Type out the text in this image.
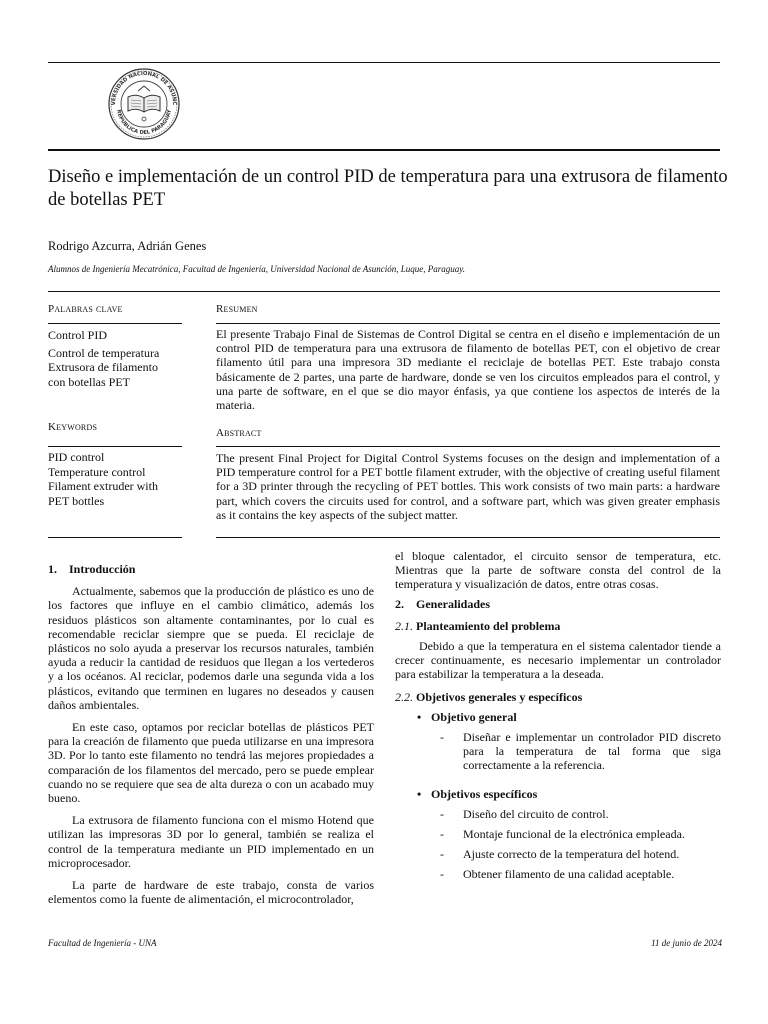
VERSIDAD NACIONAL DE ASUNC
REPÚBLICA DEL PARAGUAY
Diseño e implementación de un control PID de temperatura para una extrusora de filamento de botellas PET
Rodrigo Azcurra, Adrián Genes
Alumnos de Ingeniería Mecatrónica, Facultad de Ingeniería, Universidad Nacional de Asunción, Luque, Paraguay.
Palabras clave
Control PID
Control de temperatura
Extrusora de filamento
con botellas PET
Keywords
PID control
Temperature control
Filament extruder with
PET bottles
Resumen
El presente Trabajo Final de Sistemas de Control Digital se centra en el diseño e implementación de un control PID de temperatura para una extrusora de filamento de botellas PET, con el objetivo de crear filamento útil para una impresora 3D mediante el reciclaje de botellas PET. Este trabajo consta básicamente de 2 partes, una parte de hardware, donde se ven los circuitos empleados para el control, y una parte de software, en el que se dio mayor énfasis, ya que contiene los aspectos de interés de la materia.
Abstract
The present Final Project for Digital Control Systems focuses on the design and implementation of a PID temperature control for a PET bottle filament extruder, with the objective of creating useful filament for a 3D printer through the recycling of PET bottles. This work consists of two main parts: a hardware part, which covers the circuits used for control, and a software part, which was given greater emphasis as it contains the key aspects of the subject matter.
1.    Introducción

Actualmente, sabemos que la producción de plástico es uno de los factores que influye en el cambio climático, además los residuos plásticos son altamente contaminantes, por lo cual es recomendable reciclar siempre que se pueda. El reciclaje de plásticos no solo ayuda a preservar los recursos naturales, también ayuda a reducir la cantidad de residuos que llegan a los vertederos y a los océanos. Al reciclar, podemos darle una segunda vida a los plásticos, evitando que terminen en lugares no deseados y causen daños ambientales.

En este caso, optamos por reciclar botellas de plásticos PET para la creación de filamento que pueda utilizarse en una impresora 3D. Por lo tanto este filamento no tendrá las mejores propiedades a comparación de los filamentos del mercado, pero se puede emplear cuando no se requiere que sea de alta dureza o con un acabado muy bueno.

La extrusora de filamento funciona con el mismo Hotend que utilizan las impresoras 3D por lo general, también se realiza el control de la temperatura mediante un PID implementado en un microprocesador.

La parte de hardware de este trabajo, consta de varios elementos como la fuente de alimentación, el microcontrolador,

el bloque calentador, el circuito sensor de temperatura, etc. Mientras que la parte de software consta del control de la temperatura y visualización de datos, entre otras cosas.
2.    Generalidades
2.1. Planteamiento del problema

Debido a que la temperatura en el sistema calentador tiende a crecer continuamente, es necesario implementar un controlador para estabilizar la temperatura a la deseada.

2.2. Objetivos generales y específicos
• Objetivo general
- Diseñar e implementar un controlador PID discreto para la temperatura de tal forma que siga correctamente a la referencia.
• Objetivos específicos
- Diseño del circuito de control.
- Montaje funcional de la electrónica empleada.
- Ajuste correcto de la temperatura del hotend.
- Obtener filamento de una calidad aceptable.
Facultad de Ingeniería - UNA	11 de junio de 2024
